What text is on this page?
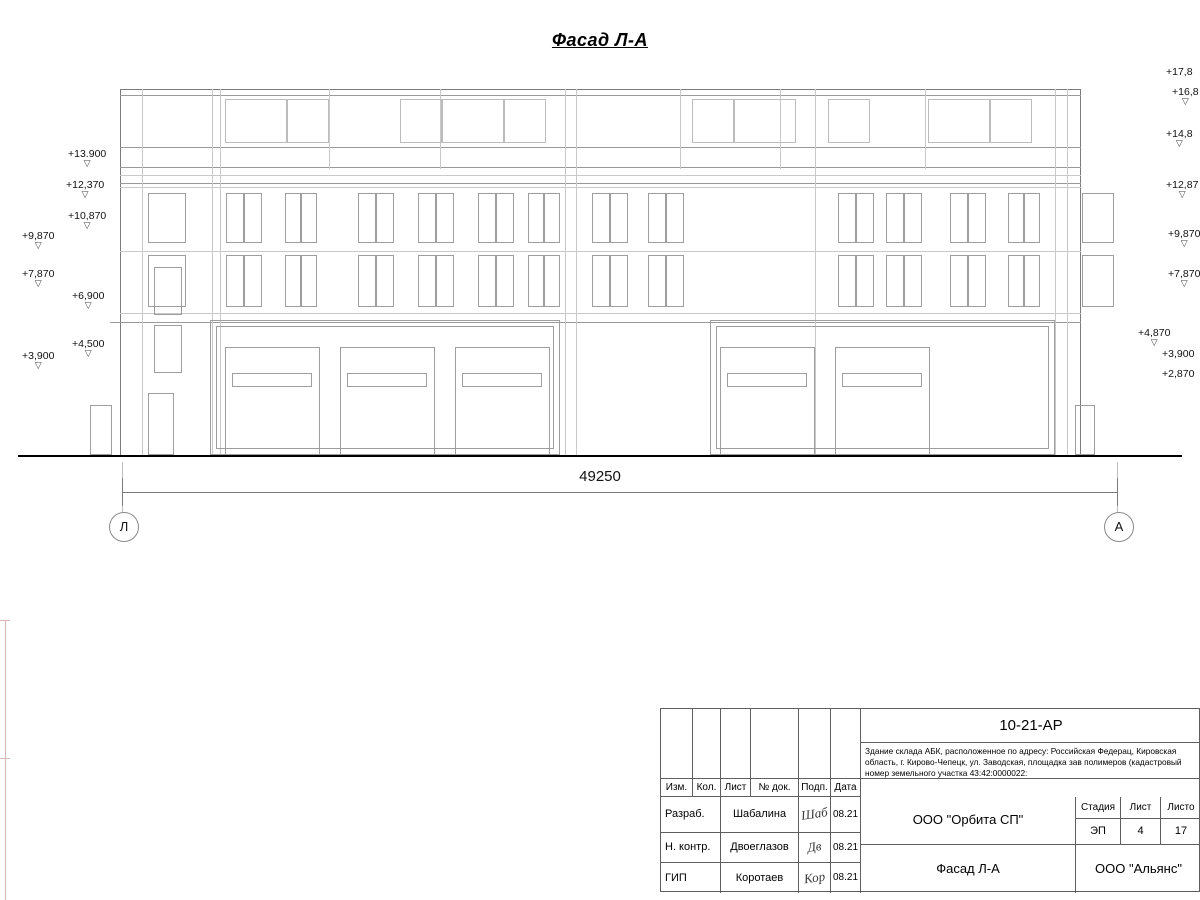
Фасад Л-А
+13.900
▽
+12,370
▽
+10,870
▽
+9,870
▽
+7,870
▽
+6,900
▽
+4,500
▽
+3,900
▽
+17,8
+16,8
▽
+14,8
▽
+12,87
▽
+9,870
▽
+7,870
▽
+4,870
▽
+3,900
+2,870
49250
Л	А
10-21-АР
Здание склада АБК, расположенное по адресу: Российская Федерац, Кировская область, г. Кирово-Чепецк, ул. Заводская, площадка зав полимеров (кадастровый номер земельного участка 43:42:0000022:
Изм. Кол. Лист	№ док.	Подп. Дата
Разраб.	Шабалина	Шаб 08.21
Н. контр.	Двоеглазов	Дв	08.21
ГИП	Коротаев	Кор 08.21
ООО "Орбита СП"
Фасад Л-А
Стадия	Лист	Листо
ЭП	4	17
ООО "Альянс"
